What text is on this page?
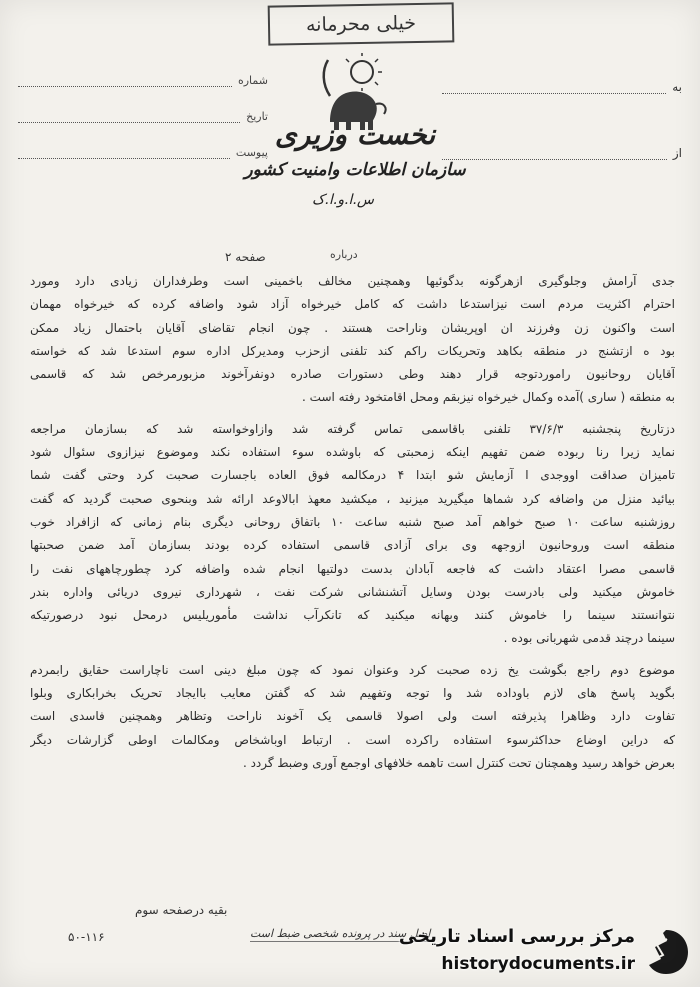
خیلی محرمانه
شماره
تاریخ
پیوست
به
از
نخست وزیری
سازمان اطلاعات وامنیت کشور
س.ا.و.ا.ک
درباره
صفحه ۲
جدی آرامش وجلوگیری ازهرگونه بدگوئیها وهمچنین مخالف باخمینی است وطرفداران زیادی دارد ومورد
احترام اکثریت مردم است نیزاستدعا داشت که کامل خیرخواه آزاد شود واضافه کرده که خیرخواه مهمان
است واکنون زن وفرزند ان اوپریشان وناراحت هستند . چون انجام تقاضای آقایان باحتمال زیاد ممکن
بود ه ازتشنج در منطقه بکاهد وتحریکات راکم کند تلفنی ازحزب ومدیرکل اداره سوم استدعا شد که خواسته
آقایان روحانیون راموردتوجه قرار دهند وطی دستورات صادره دونفرآخوند مزبورمرخص شد که قاسمی
به منطقه ( ساری )آمده وکمال خیرخواه نیزبقم ومحل اقامتخود رفته است .
دزتاریخ پنجشنبه ۳۷/۶/۳ تلفنی باقاسمی تماس گرفته شد وازاوخواسته شد که بسازمان مراجعه
نماید زیرا رنا ربوده ضمن تفهیم اینکه زمحبتی که باوشده سوء استفاده نکند وموضوع نیزازوی سئوال شود
تامیزان صداقت اووجدی ا آزمایش شو ابتدا ۴ درمکالمه فوق العاده باجسارت صحبت کرد وحتی گفت شما
بیائید منزل من واضافه کرد شماها میگیرید میزنید ، میکشید معهذ ابالاوعد ارائه شد وبنحوی صحبت گردید که گفت
روزشنبه ساعت ۱۰ صبح خواهم آمد صبح شنبه ساعت ۱۰ باتفاق روحانی دیگری بنام زمانی که ازافراد خوب
منطقه است وروحانیون ازوجهه وی برای آزادی قاسمی استفاده کرده بودند بسازمان آمد ضمن صحبتها
قاسمی مصرا اعتقاد داشت که فاجعه آبادان بدست دولتیها انجام شده واضافه کرد چطورچاههای نفت را
خاموش میکنید ولی بادرست بودن وسایل آتشنشانی شرکت نفت ، شهرداری نیروی دریائی واداره بندر
نتوانستند سینما را خاموش کنند وبهانه میکنید که تانکرآب نداشت مأموریلیس درمحل نبود درصورتیکه
سینما درچند قدمی شهربانی بوده .
موضوع دوم راجع بگوشت یخ زده صحبت کرد وعنوان نمود که چون مبلغ دینی است ناچاراست حقایق رابمردم
بگوید پاسخ های لازم باوداده شد وا توجه وتفهیم شد که گفتن معایب باایجاد تحریک بخرابکاری وبلوا
تفاوت دارد وظاهرا پذیرفته است ولی اصولا قاسمی یک آخوند ناراحت وتظاهر وهمچنین فاسدی است
که دراین اوضاع حداکثرسوء استفاده راکرده است . ارتباط اوباشخاص ومکالمات اوطی گزارشات دیگر
بعرض خواهد رسید وهمچنان تحت کنترل است تاهمه خلافهای اوجمع آوری وضبط گردد .
بقیه درصفحه سوم
اصل سند در پرونده شخصی ضبط است
۵۰-۱۱۶	مرکز بررسی اسناد تاریخی
historydocuments.ir
